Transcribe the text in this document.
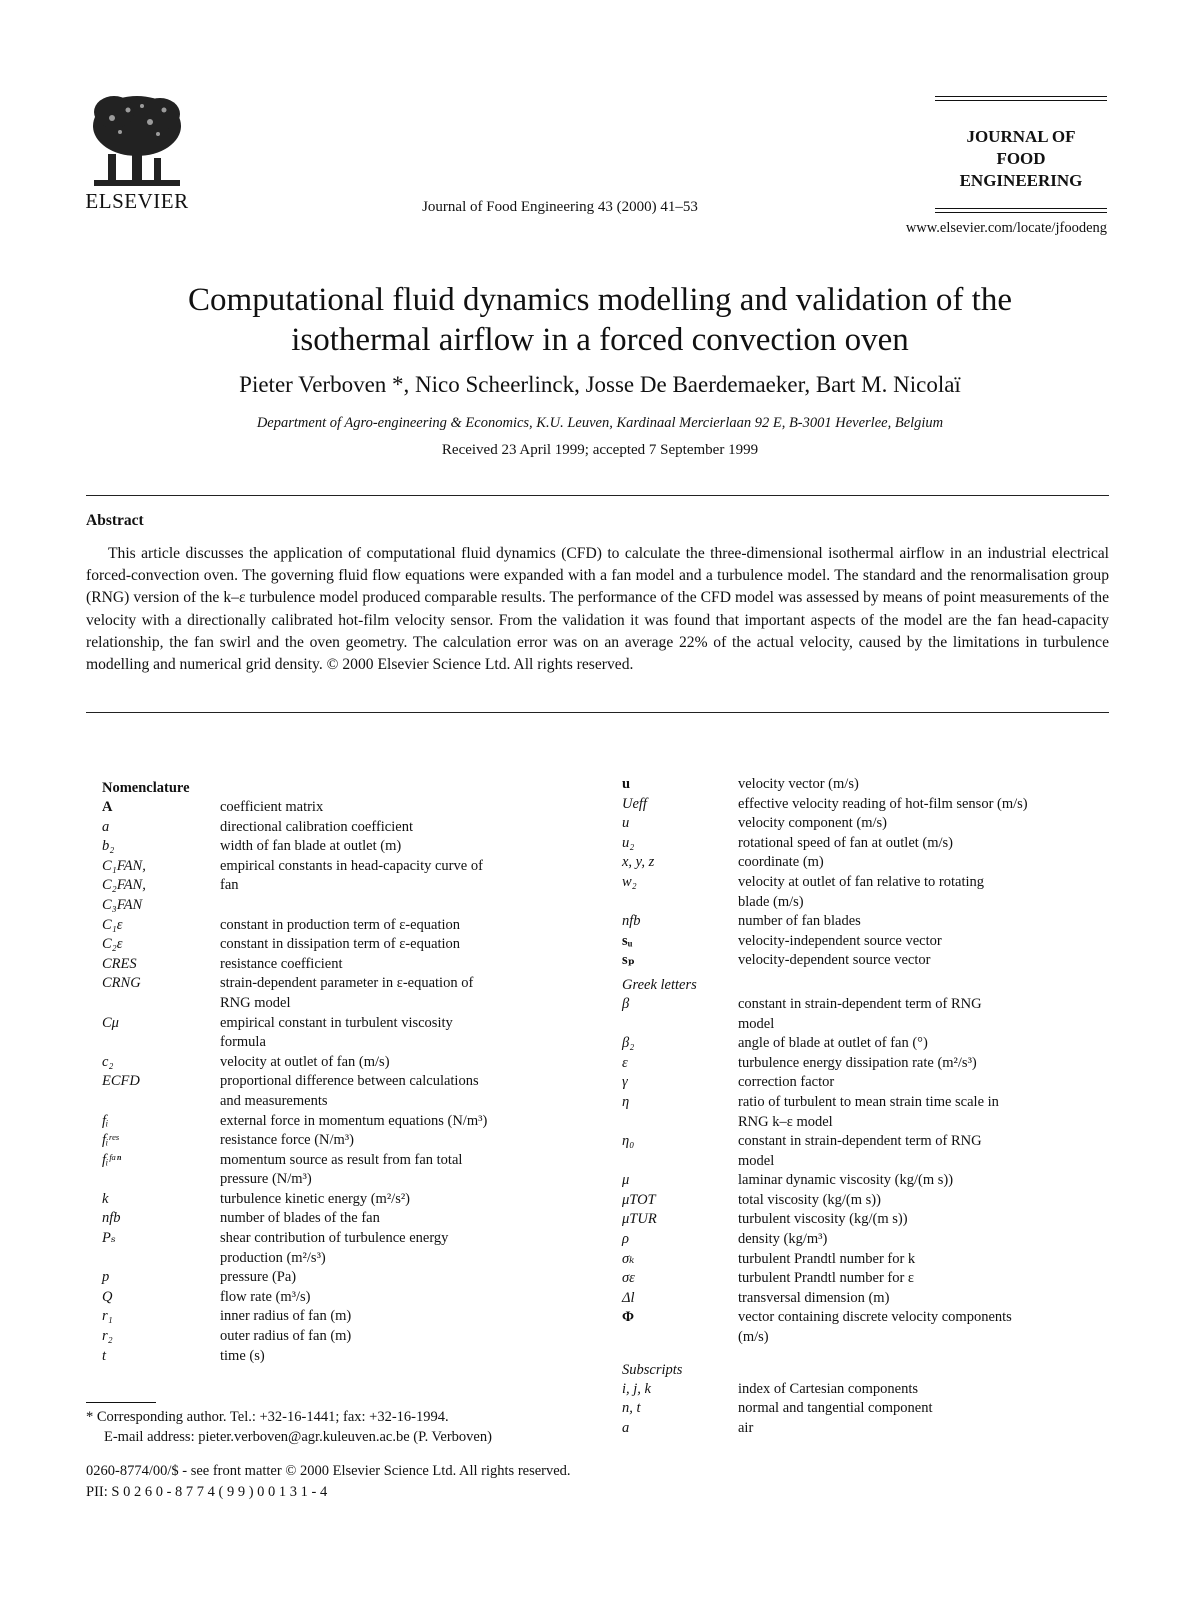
ELSEVIER	Journal of Food Engineering 43 (2000) 41–53
JOURNAL OF
FOOD
ENGINEERING
www.elsevier.com/locate/jfoodeng
Computational fluid dynamics modelling and validation of the
isothermal airflow in a forced convection oven
Pieter Verboven *, Nico Scheerlinck, Josse De Baerdemaeker, Bart M. Nicolaï
Department of Agro-engineering & Economics, K.U. Leuven, Kardinaal Mercierlaan 92 E, B-3001 Heverlee, Belgium
Received 23 April 1999; accepted 7 September 1999
Abstract
This article discusses the application of computational fluid dynamics (CFD) to calculate the three-dimensional isothermal airflow in an industrial electrical forced-convection oven. The governing fluid flow equations were expanded with a fan model and a turbulence model. The standard and the renormalisation group (RNG) version of the k–ε turbulence model produced comparable results. The performance of the CFD model was assessed by means of point measurements of the velocity with a directionally calibrated hot-film velocity sensor. From the validation it was found that important aspects of the model are the fan head-capacity relationship, the fan swirl and the oven geometry. The calculation error was on an average 22% of the actual velocity, caused by the limitations in turbulence modelling and numerical grid density. © 2000 Elsevier Science Ltd. All rights reserved.
Nomenclature
A	coefficient matrix
a	directional calibration coefficient
b₂	width of fan blade at outlet (m)
C₁FAN,	empirical constants in head-capacity curve of
C₂FAN,	fan
C₃FAN
C₁ε	constant in production term of ε-equation
C₂ε	constant in dissipation term of ε-equation
CRES	resistance coefficient
CRNG	strain-dependent parameter in ε-equation of
RNG model
Cμ	empirical constant in turbulent viscosity
formula
c₂	velocity at outlet of fan (m/s)
ECFD	proportional difference between calculations
and measurements
fᵢ	external force in momentum equations (N/m³)
fᵢʳᵉˢ	resistance force (N/m³)
fᵢᶠᵃⁿ	momentum source as result from fan total
pressure (N/m³)
k	turbulence kinetic energy (m²/s²)
nfb	number of blades of the fan
Pₛ	shear contribution of turbulence energy
production (m²/s³)
p	pressure (Pa)
Q	flow rate (m³/s)
r₁	inner radius of fan (m)
r₂	outer radius of fan (m)
t	time (s)
u	velocity vector (m/s)
Ueff	effective velocity reading of hot-film sensor (m/s)
u	velocity component (m/s)
u₂	rotational speed of fan at outlet (m/s)
x, y, z	coordinate (m)
w₂	velocity at outlet of fan relative to rotating
blade (m/s)
nfb	number of fan blades
sᵤ	velocity-independent source vector
sₚ	velocity-dependent source vector
Greek letters
β	constant in strain-dependent term of RNG
model
β₂	angle of blade at outlet of fan (°)
ε	turbulence energy dissipation rate (m²/s³)
γ	correction factor
η	ratio of turbulent to mean strain time scale in
RNG k–ε model
η₀	constant in strain-dependent term of RNG
model
μ	laminar dynamic viscosity (kg/(m s))
μTOT	total viscosity (kg/(m s))
μTUR	turbulent viscosity (kg/(m s))
ρ	density (kg/m³)
σₖ	turbulent Prandtl number for k
σε	turbulent Prandtl number for ε
Δl	transversal dimension (m)
Φ	vector containing discrete velocity components
(m/s)
Subscripts
i, j, k	index of Cartesian components
n, t	normal and tangential component
a	air
* Corresponding author. Tel.: +32-16-1441; fax: +32-16-1994.
E-mail address: pieter.verboven@agr.kuleuven.ac.be (P. Verboven)
0260-8774/00/$ - see front matter © 2000 Elsevier Science Ltd. All rights reserved.
PII: S 0 2 6 0 - 8 7 7 4 ( 9 9 ) 0 0 1 3 1 - 4
